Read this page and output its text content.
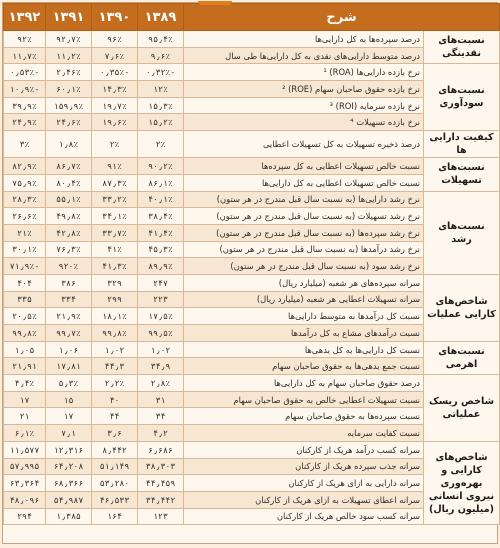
۱۳۹۲	۱۳۹۱	۱۳۹۰	۱۳۸۹	شرح	
۹۲٪	۹۲٫۷٪	۹۶٪	۹۵٫۴٪	درصد سپرده‌ها به کل دارایی‌ها	نسبت‌های نقدینگی
۱۱٫۷٪	۱۱٫۲٪	۷٫۶٪	۹٫۶٪	درصد متوسط دارایی‌های نقدی به کل دارایی‌ها طی سال	
۰٫۵۳٪-	۲٫۴۶٪	۰٫۳۵٪-	۰٫۳۲٪-	نرخ بازده دارایی‌ها (ROA) ¹	نسبت‌های سودآوری
۱۰٫۹٪-	۶۰٫۱٪	۱۴٫۳٪	۱۲٪	نرخ بازده حقوق صاحبان سهام (ROE) ²	
۳۹٫۹٪	۱۵۹٫۹٪	۱۹٫۷٪	۱۵٫۳٪	نرخ بازده سرمایه (ROI) ³	
۲۴٫۹٪	۲۴٫۶٪	۱۹٫۶٪	۱۵٫۲٪	نرخ بازده تسهیلات ⁴	
۳٪	۱٫۸٪	۲٪	۲٪	درصد ذخیره تسهیلات به کل تسهیلات اعطایی	کیفیت دارایی ها
۸۲٫۹٪	۸۶٫۷٪	۹۱٪	۹۰٫۲٪	نسبت خالص تسهیلات اعطایی به کل سپرده‌ها	نسبت‌های تسهیلات
۷۵٫۹٪	۸۰٫۴٪	۸۷٫۳٪	۸۶٫۱٪	نسبت خالص تسهیلات اعطایی به کل دارایی‌ها	
۲۸٫۳٪	۵۵٫۱٪	۳۳٫۲٪	۴۰٫۱٪	نرخ رشد دارایی‌ها (به نسبت سال قبل مندرج در هر ستون)	نسبت‌های رشد
۲۶٫۶٪	۴۹٫۸٪	۳۴٫۱٪	۳۸٫۴٪	نرخ رشد تسهیلات (به نسبت سال قبل مندرج در هر ستون)	
۲۱٪	۴۲٫۸٪	۳۳٫۷٪	۴۱٫۴٪	نرخ رشد سپرده‌ها (به نسبت سال قبل مندرج در هر ستون)	
۳۰٫۱٪	۷۶٫۳٪	۴۱٪	۴۵٫۳٪	نرخ رشد درآمدها (به نسبت سال قبل مندرج در هر ستون)	
۷۱٫۹٪-	۹۲۰٪	۴۱٫۳٪	۸۹٫۹٪	نرخ رشد سود (به نسبت سال قبل مندرج در هر ستون)	
۴۰۴	۳۸۶	۳۲۹	۲۴۷	سرانه سپرده‌های هر شعبه (میلیارد ریال)	شاخص‌های کارایی عملیات
۳۳۵	۳۳۴	۲۹۹	۲۲۳	سرانه تسهیلات اعطایی هر شعبه (میلیارد ریال)	
۲۰٫۵٪	۲۱٫۹٪	۱۸٫۱٪	۱۷٫۵٪	نسبت کل درآمدها به متوسط دارایی‌ها	
۹۹٫۸٪	۹۹٫۷٪	۹۹٫۸٪	۹۹٫۵٪	نسبت درآمدهای مشاع به کل درآمدها	
۱٫۰۵	۱٫۰۶	۱٫۰۲	۱٫۰۲	نسبت کل دارایی‌ها به کل بدهی‌ها	نسبت‌های اهرمی
۲۱٫۹۱	۱۷٫۸۱	۴۴٫۳	۳۴٫۹	نسبت جمع بدهی‌ها به حقوق صاحبان سهام	
۴٫۴٪	۵٫۳٪	۲٫۲٪	۲٫۸٪	درصد حقوق صاحبان سهام به کل دارایی‌ها	شاخص ریسک عملیاتی
۱۷	۱۵	۴۰	۳۱	نسبت تسهیلات اعطایی خالص به حقوق صاحبان سهام	
۲۱	۱۷	۴۴	۳۴	نسبت سپرده‌ها به حقوق صاحبان سهام	
۶٫۱٪	۷٫۱	۳٫۶	۴٫۲	نسبت کفایت سرمایه	
۱۱٫۵۷۷	۱۲٫۳۱۶	۸٫۴۴۲	۶٫۶۸۶	سرانه کسب درآمد هریک از کارکنان	شاخص‌های کارایی و بهره‌وری نیروی انسانی (میلیون ریال)
۵۷٫۹۹۵	۶۴٫۲۰۸	۵۱٫۱۴۹	۳۸٫۳۰۳	سرانه جذب سپرده هریک از کارکنان	
۶۳٫۳۶۴	۶۸٫۳۶۶	۵۳٫۲۸۰	۴۴٫۴۵۹	سرانه دارایی به ازای هریک از کارکنان	
۴۸٫۰۹۶	۵۴٫۹۸۷	۴۶٫۵۳۳	۳۴٫۴۴۲	سرانه اعطای تسهیلات به ازای هریک از کارکنان	
۲۹۴	۱٫۳۸۵	۱۶۴	۱۲۳	سرانه کسب سود خالص هریک از کارکنان	
